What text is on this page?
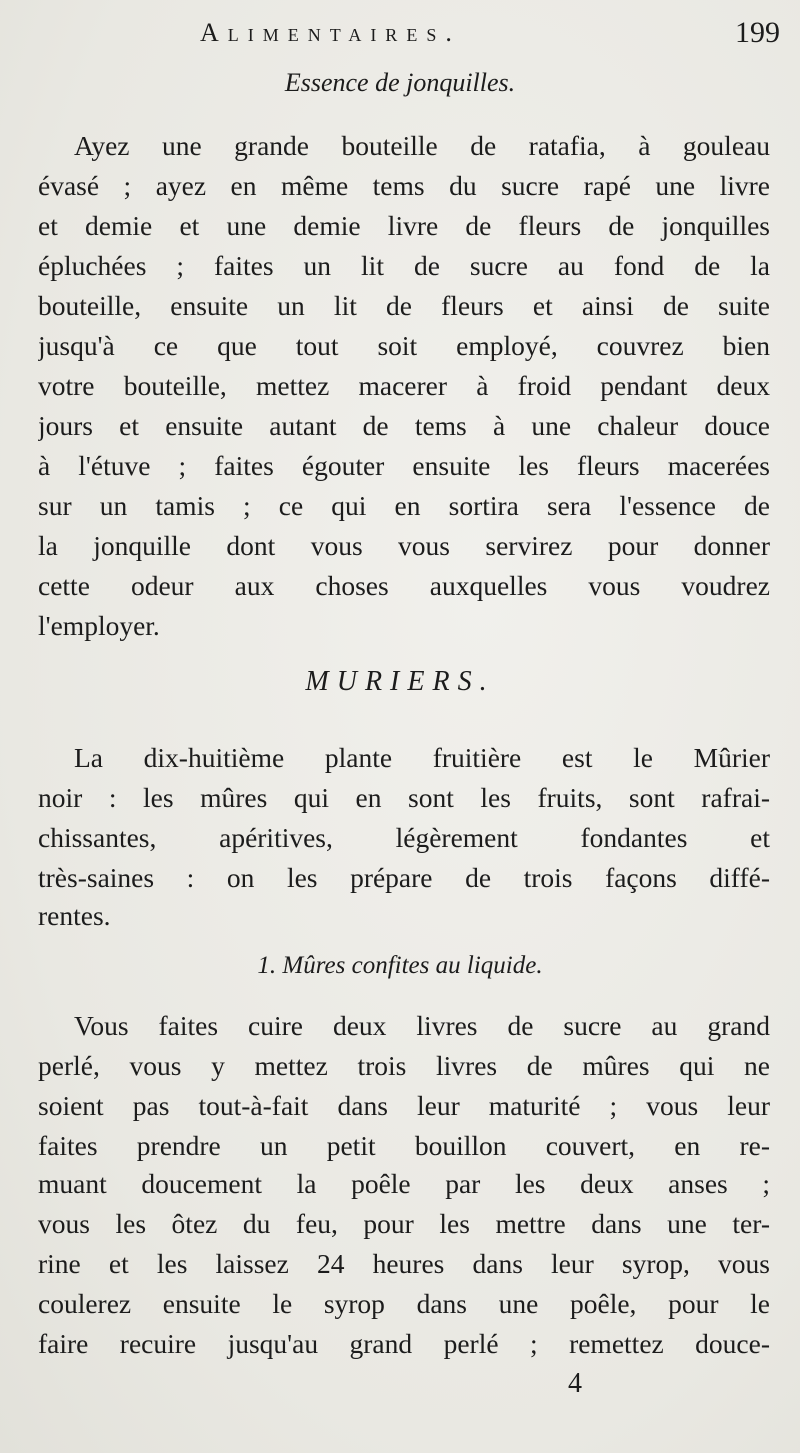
Alimentaires.	199
Essence de jonquilles.
Ayez une grande bouteille de ratafia, à gouleau
évasé ; ayez en même tems du sucre rapé une livre
et demie et une demie livre de fleurs de jonquilles
épluchées ; faites un lit de sucre au fond de la
bouteille, ensuite un lit de fleurs et ainsi de suite
jusqu'à ce que tout soit employé, couvrez bien
votre bouteille, mettez macerer à froid pendant deux
jours et ensuite autant de tems à une chaleur douce
à l'étuve ; faites égouter ensuite les fleurs macerées
sur un tamis ; ce qui en sortira sera l'essence de
la jonquille dont vous vous servirez pour donner
cette odeur aux choses auxquelles vous voudrez
l'employer.
MURIERS.
La dix-huitième plante fruitière est le Mûrier
noir : les mûres qui en sont les fruits, sont rafrai-
chissantes, apéritives, légèrement fondantes et
très-saines : on les prépare de trois façons diffé-
rentes.
1. Mûres confites au liquide.
Vous faites cuire deux livres de sucre au grand
perlé, vous y mettez trois livres de mûres qui ne
soient pas tout-à-fait dans leur maturité ; vous leur
faites prendre un petit bouillon couvert, en re-
muant doucement la poêle par les deux anses ;
vous les ôtez du feu, pour les mettre dans une ter-
rine et les laissez 24 heures dans leur syrop, vous
coulerez ensuite le syrop dans une poêle, pour le
faire recuire jusqu'au grand perlé ; remettez douce-
4
